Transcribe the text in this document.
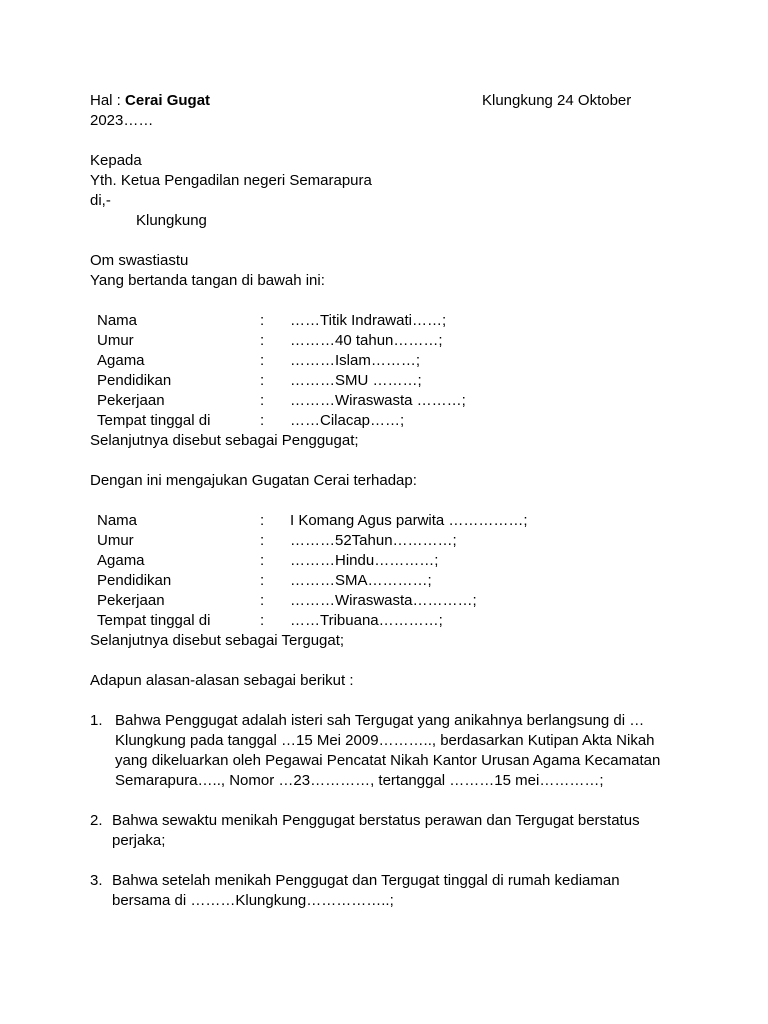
Hal : Cerai Gugat	Klungkung 24 Oktober
2023……
Kepada
Yth. Ketua Pengadilan negeri Semarapura
di,-
Klungkung
Om swastiastu
Yang bertanda tangan di bawah ini:
Nama	: ……Titik Indrawati……;
Umur	: ………40 tahun………;
Agama	: ………Islam………;
Pendidikan	: ………SMU ………;
Pekerjaan	: ………Wiraswasta ………;
Tempat tinggal di	: ……Cilacap……;
Selanjutnya disebut sebagai Penggugat;
Dengan ini mengajukan Gugatan Cerai terhadap:
Nama	: I Komang Agus parwita ……………;
Umur	: ………52Tahun…………;
Agama	: ………Hindu…………;
Pendidikan	: ………SMA…………;
Pekerjaan	: ………Wiraswasta…………;
Tempat tinggal di	: ……Tribuana…………;
Selanjutnya disebut sebagai Tergugat;
Adapun alasan-alasan sebagai berikut :
1. Bahwa Penggugat adalah isteri sah Tergugat yang anikahnya berlangsung di …
Klungkung pada tanggal …15 Mei 2009……….., berdasarkan Kutipan Akta Nikah
yang dikeluarkan oleh Pegawai Pencatat Nikah Kantor Urusan Agama Kecamatan
Semarapura….., Nomor …23…………, tertanggal ………15 mei…………;
2. Bahwa sewaktu menikah Penggugat berstatus perawan dan Tergugat berstatus
perjaka;
3. Bahwa setelah menikah Penggugat dan Tergugat tinggal di rumah kediaman
bersama di ………Klungkung……………..;
